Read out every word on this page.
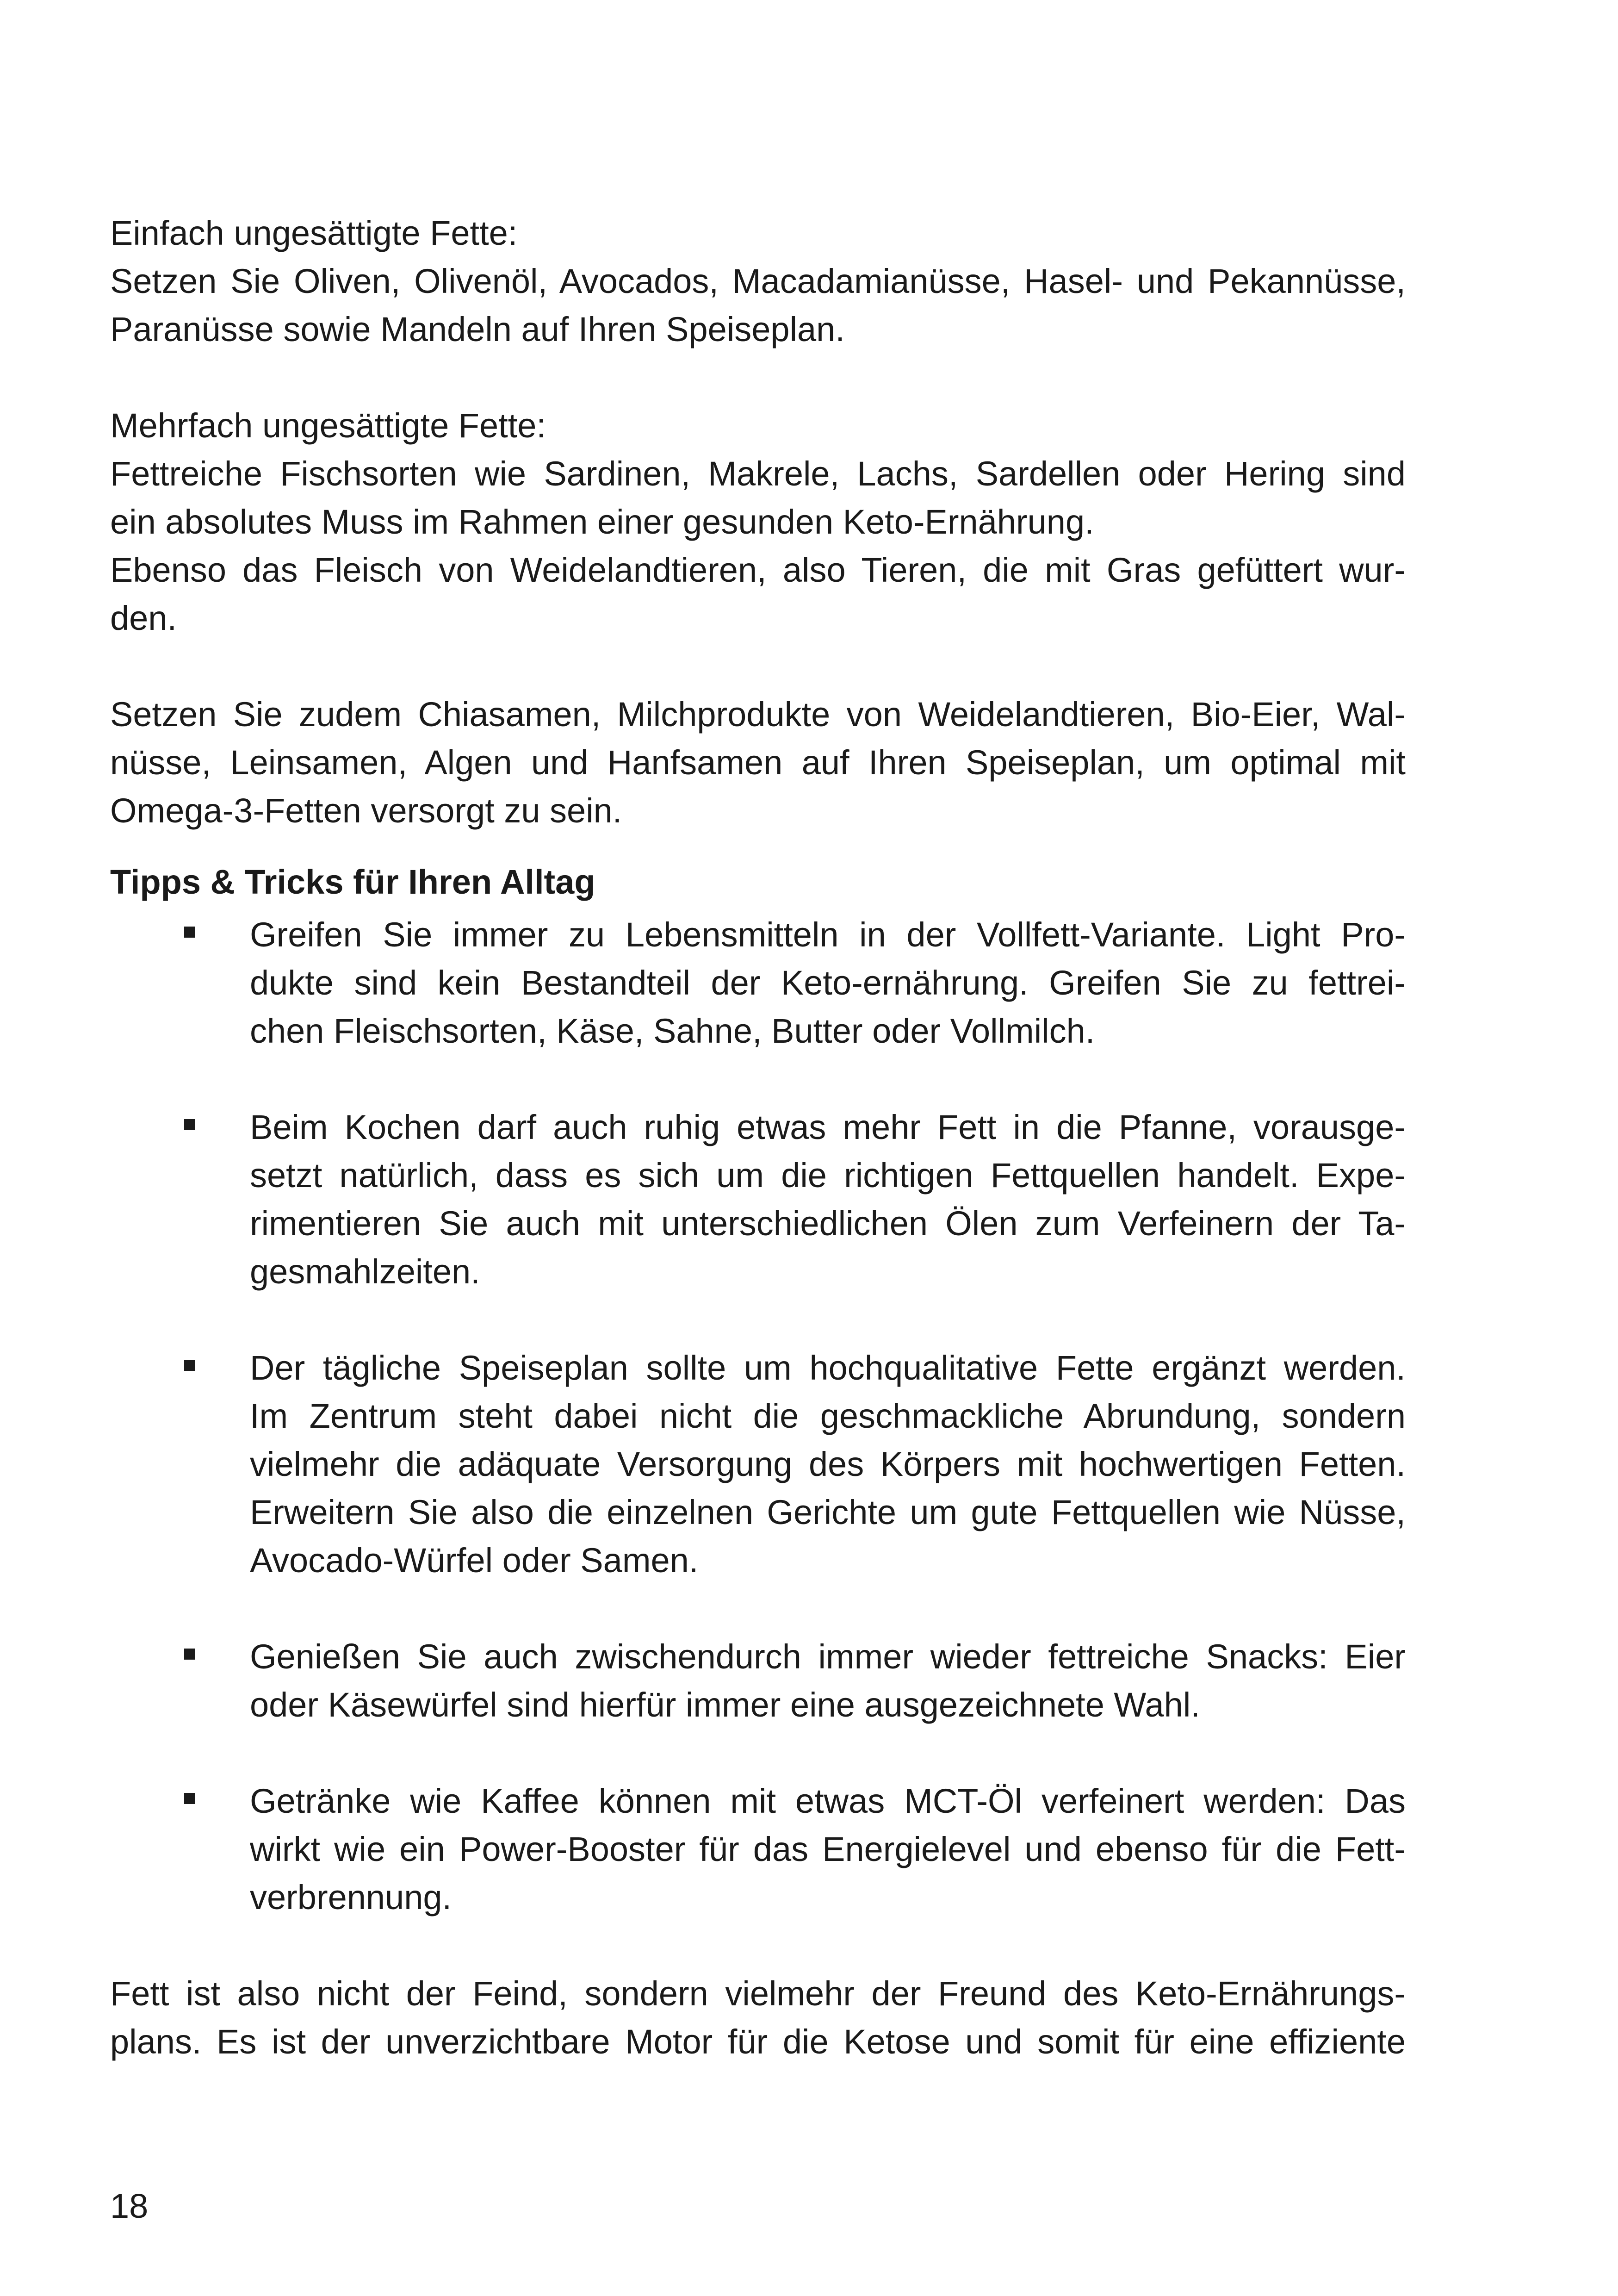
Einfach ungesättigte Fette:
Setzen Sie Oliven, Olivenöl, Avocados, Macadamianüsse, Hasel- und Pekannüsse,
Paranüsse sowie Mandeln auf Ihren Speiseplan.
Mehrfach ungesättigte Fette:
Fettreiche Fischsorten wie Sardinen, Makrele, Lachs, Sardellen oder Hering sind
ein absolutes Muss im Rahmen einer gesunden Keto-Ernährung.
Ebenso das Fleisch von Weidelandtieren, also Tieren, die mit Gras gefüttert wur-
den.
Setzen Sie zudem Chiasamen, Milchprodukte von Weidelandtieren, Bio-Eier, Wal-
nüsse, Leinsamen, Algen und Hanfsamen auf Ihren Speiseplan, um optimal mit
Omega-3-Fetten versorgt zu sein.
Tipps & Tricks für Ihren Alltag
Greifen Sie immer zu Lebensmitteln in der Vollfett-Variante. Light Pro-
dukte sind kein Bestandteil der Keto-ernährung. Greifen Sie zu fettrei-
chen Fleischsorten, Käse, Sahne, Butter oder Vollmilch.
Beim Kochen darf auch ruhig etwas mehr Fett in die Pfanne, vorausge-
setzt natürlich, dass es sich um die richtigen Fettquellen handelt. Expe-
rimentieren Sie auch mit unterschiedlichen Ölen zum Verfeinern der Ta-
gesmahlzeiten.
Der tägliche Speiseplan sollte um hochqualitative Fette ergänzt werden.
Im Zentrum steht dabei nicht die geschmackliche Abrundung, sondern
vielmehr die adäquate Versorgung des Körpers mit hochwertigen Fetten.
Erweitern Sie also die einzelnen Gerichte um gute Fettquellen wie Nüsse,
Avocado-Würfel oder Samen.
Genießen Sie auch zwischendurch immer wieder fettreiche Snacks: Eier
oder Käsewürfel sind hierfür immer eine ausgezeichnete Wahl.
Getränke wie Kaffee können mit etwas MCT-Öl verfeinert werden: Das
wirkt wie ein Power-Booster für das Energielevel und ebenso für die Fett-
verbrennung.
Fett ist also nicht der Feind, sondern vielmehr der Freund des Keto-Ernährungs-
plans. Es ist der unverzichtbare Motor für die Ketose und somit für eine effiziente
18
